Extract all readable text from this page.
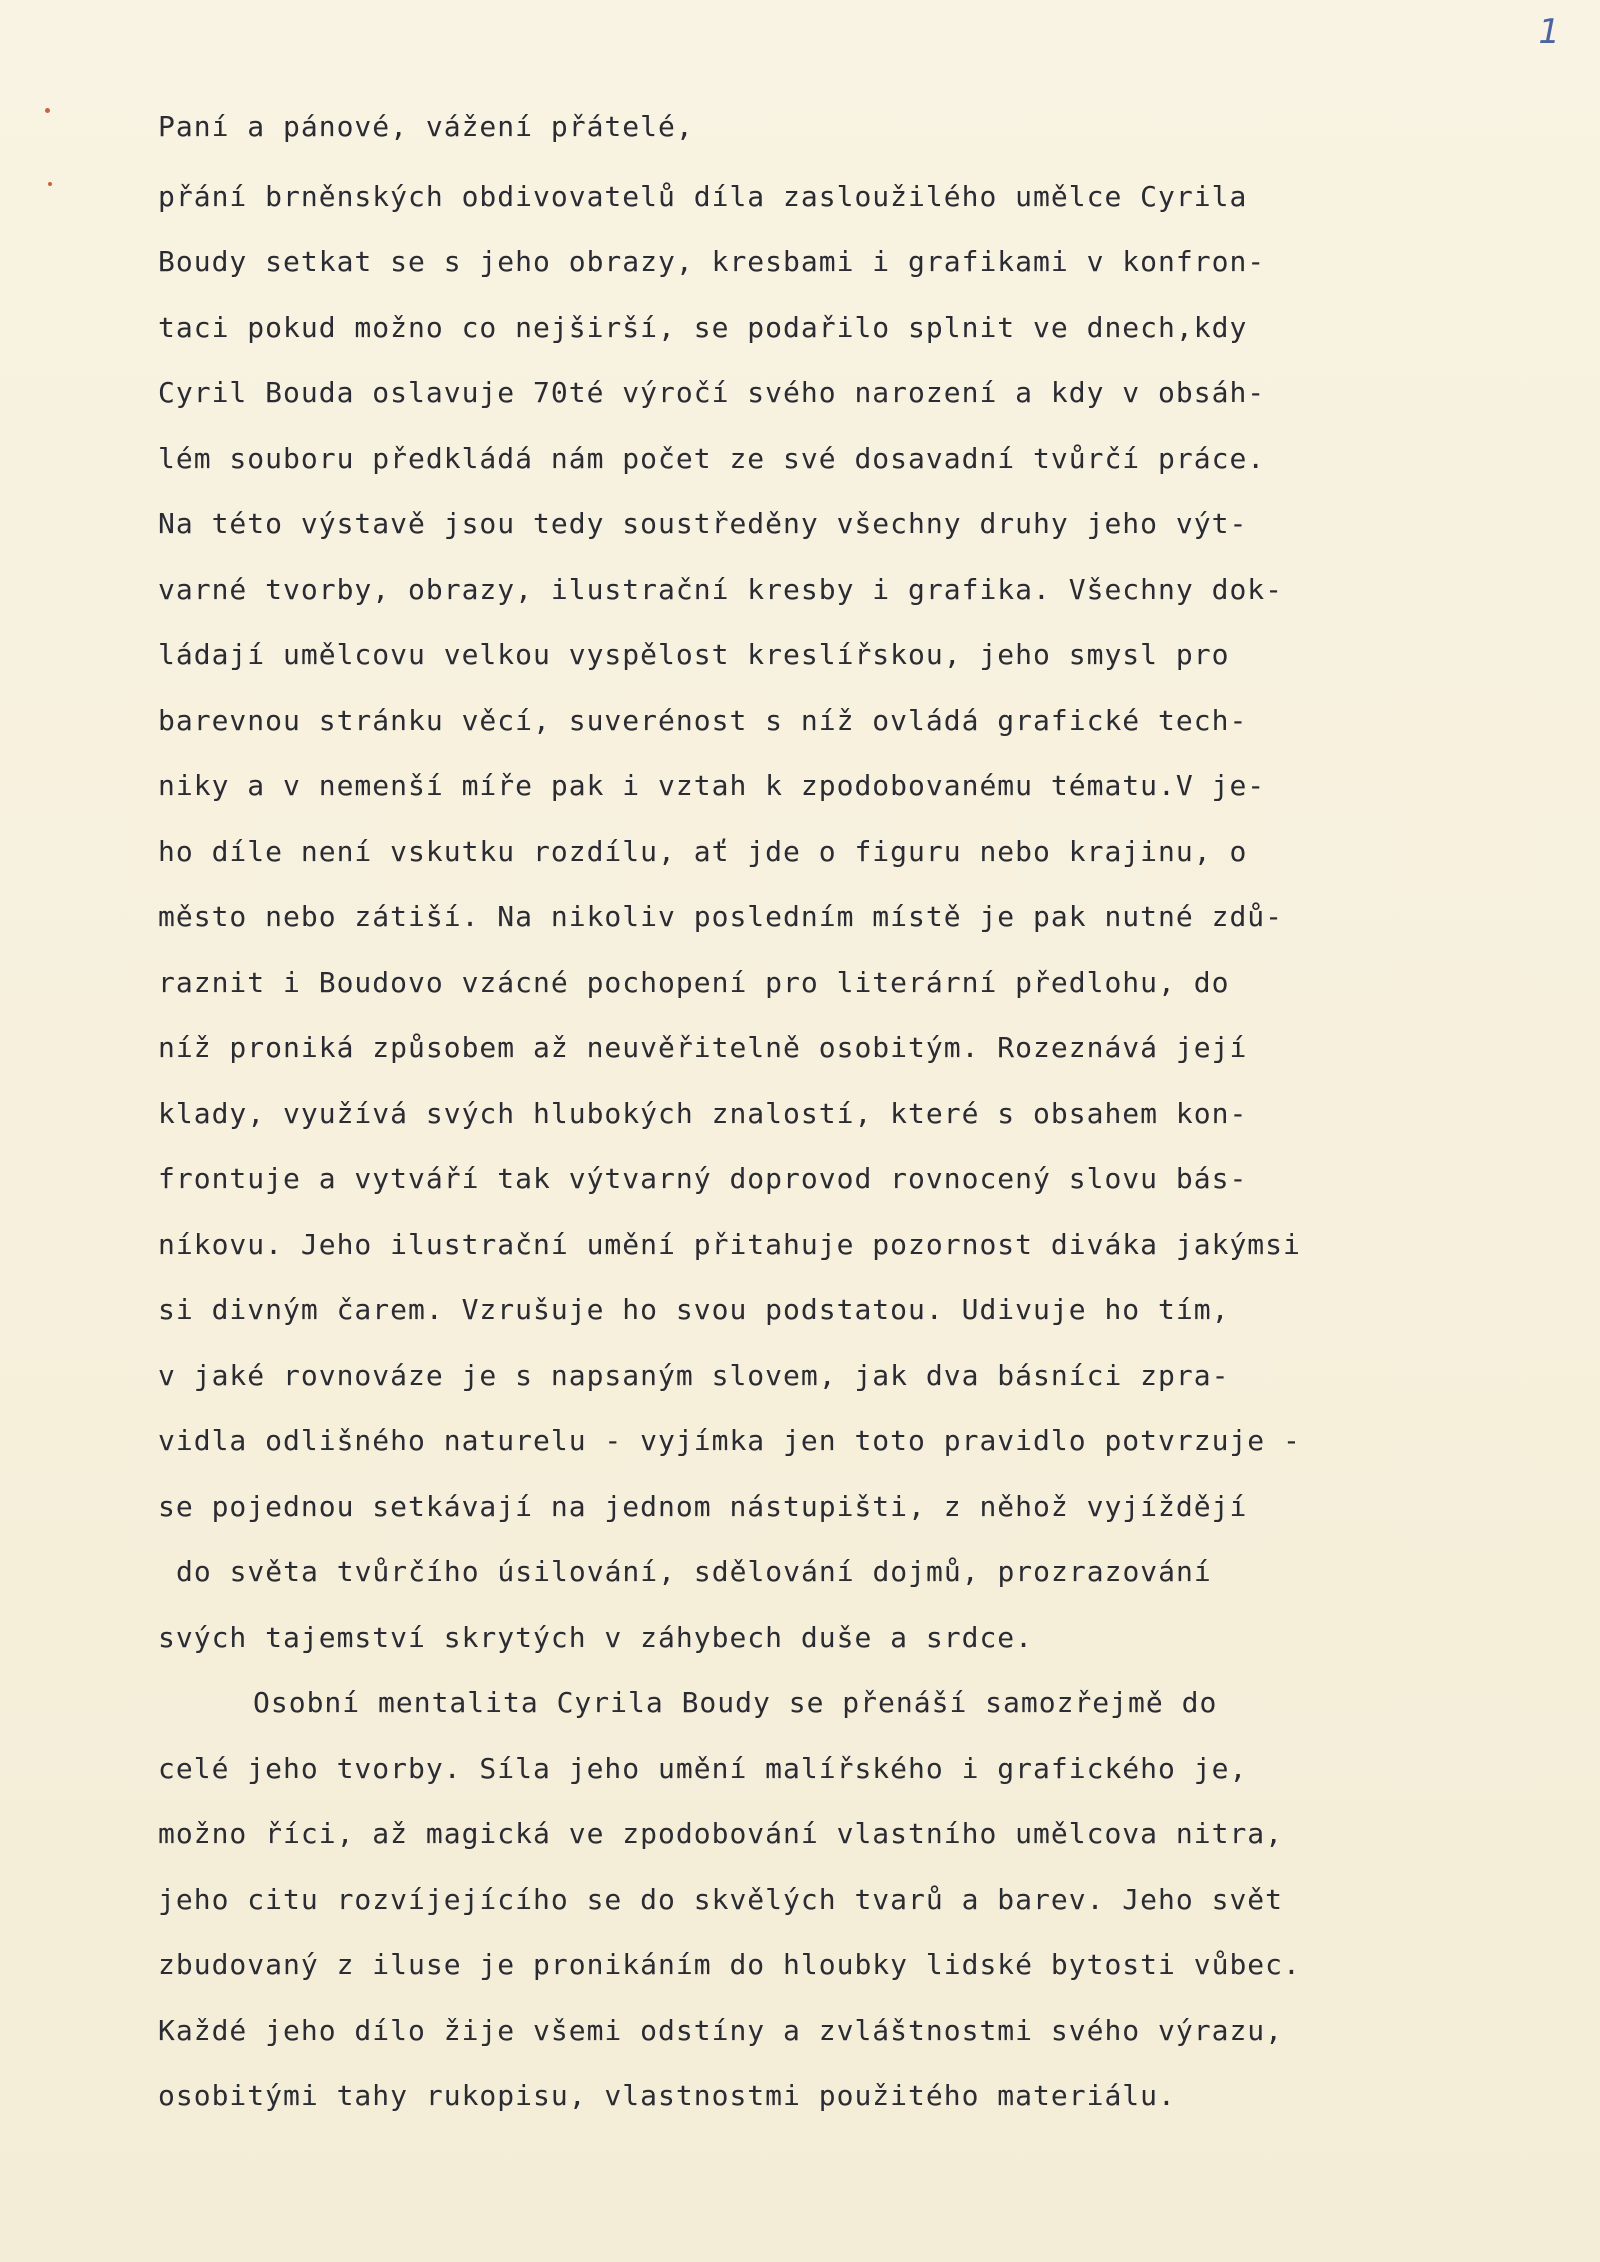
1
Paní a pánové, vážení přátelé,
přání brněnských obdivovatelů díla zasloužilého umělce Cyrila
Boudy setkat se s jeho obrazy, kresbami i grafikami v konfron-
taci pokud možno co nejširší, se podařilo splnit ve dnech,kdy
Cyril Bouda oslavuje 70té výročí svého narození a kdy v obsáh-
lém souboru předkládá nám počet ze své dosavadní tvůrčí práce.
Na této výstavě jsou tedy soustředěny všechny druhy jeho výt-
varné tvorby, obrazy, ilustrační kresby i grafika. Všechny dok-
ládají umělcovu velkou vyspělost kreslířskou, jeho smysl pro
barevnou stránku věcí, suverénost s níž ovládá grafické tech-
niky a v nemenší míře pak i vztah k zpodobovanému tématu.V je-
ho díle není vskutku rozdílu, ať jde o figuru nebo krajinu, o
město nebo zátiší. Na nikoliv posledním místě je pak nutné zdů-
raznit i Boudovo vzácné pochopení pro literární předlohu, do
níž proniká způsobem až neuvěřitelně osobitým. Rozeznává její
klady, využívá svých hlubokých znalostí, které s obsahem kon-
frontuje a vytváří tak výtvarný doprovod rovnocený slovu bás-
níkovu. Jeho ilustrační umění přitahuje pozornost diváka jakýmsi
si divným čarem. Vzrušuje ho svou podstatou. Udivuje ho tím,
v jaké rovnováze je s napsaným slovem, jak dva básníci zpra-
vidla odlišného naturelu - vyjímka jen toto pravidlo potvrzuje -
se pojednou setkávají na jednom nástupišti, z něhož vyjíždějí
do světa tvůrčího úsilování, sdělování dojmů, prozrazování
svých tajemství skrytých v záhybech duše a srdce.
Osobní mentalita Cyrila Boudy se přenáší samozřejmě do
celé jeho tvorby. Síla jeho umění malířského i grafického je,
možno říci, až magická ve zpodobování vlastního umělcova nitra,
jeho citu rozvíjejícího se do skvělých tvarů a barev. Jeho svět
zbudovaný z iluse je pronikáním do hloubky lidské bytosti vůbec.
Každé jeho dílo žije všemi odstíny a zvláštnostmi svého výrazu,
osobitými tahy rukopisu, vlastnostmi použitého materiálu.
